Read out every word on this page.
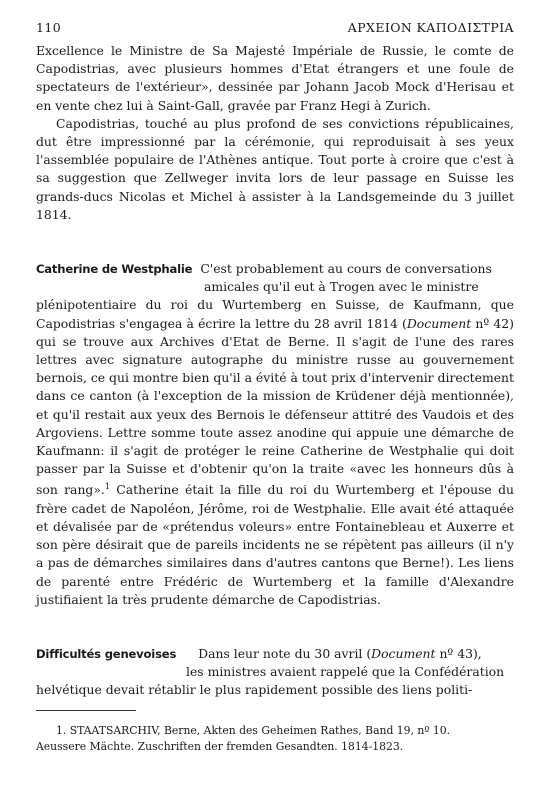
110	ΑΡΧΕΙΟΝ ΚΑΠΟΔΙΣΤΡΙΑ

Excellence le Ministre de Sa Majesté Impériale de Russie, le comte de Capodistrias, avec plusieurs hommes d'Etat étrangers et une foule de spectateurs de l'extérieur», dessinée par Johann Jacob Mock d'Herisau et en vente chez lui à Saint-Gall, gravée par Franz Hegi à Zurich.

Capodistrias, touché au plus profond de ses convictions républicaines, dut être impressionné par la cérémonie, qui reproduisait à ses yeux l'assemblée populaire de l'Athènes antique. Tout porte à croire que c'est à sa suggestion que Zellweger invita lors de leur passage en Suisse les grands-ducs Nicolas et Michel à assister à la Landsgemeinde du 3 juillet 1814.

Catherine de Westphalie C'est probablement au cours de conversations
amicales qu'il eut à Trogen avec le ministre

plénipotentiaire du roi du Wurtemberg en Suisse, de Kaufmann, que Capodistrias s'engagea à écrire la lettre du 28 avril 1814 (Document nº 42) qui se trouve aux Archives d'Etat de Berne. Il s'agit de l'une des rares lettres avec signature autographe du ministre russe au gouvernement bernois, ce qui montre bien qu'il a évité à tout prix d'intervenir directement dans ce canton (à l'exception de la mission de Krüdener déjà mentionnée), et qu'il restait aux yeux des Bernois le défenseur attitré des Vaudois et des Argoviens. Lettre somme toute assez anodine qui appuie une démarche de Kaufmann: il s'agit de protéger le reine Catherine de Westphalie qui doit passer par la Suisse et d'obtenir qu'on la traite «avec les honneurs dûs à son rang».$^1$ Catherine était la fille du roi du Wurtemberg et l'épouse du frère cadet de Napoléon, Jérôme, roi de Westphalie. Elle avait été attaquée et dévalisée par de «prétendus voleurs» entre Fontainebleau et Auxerre et son père désirait que de pareils incidents ne se répètent pas ailleurs (il n'y a pas de démarches similaires dans d'autres cantons que Berne!). Les liens de parenté entre Frédéric de Wurtemberg et la famille d'Alexandre justifiaient la très prudente démarche de Capodistrias.

Difficultés genevoises Dans leur note du 30 avril (Document nº 43),
les ministres avaient rappelé que la Confédération

helvétique devait rétablir le plus rapidement possible des liens politi-

1. STAATSARCHIV, Berne, Akten des Geheimen Rathes, Band 19, nº 10.
Aeussere Mächte. Zuschriften der fremden Gesandten. 1814-1823.
